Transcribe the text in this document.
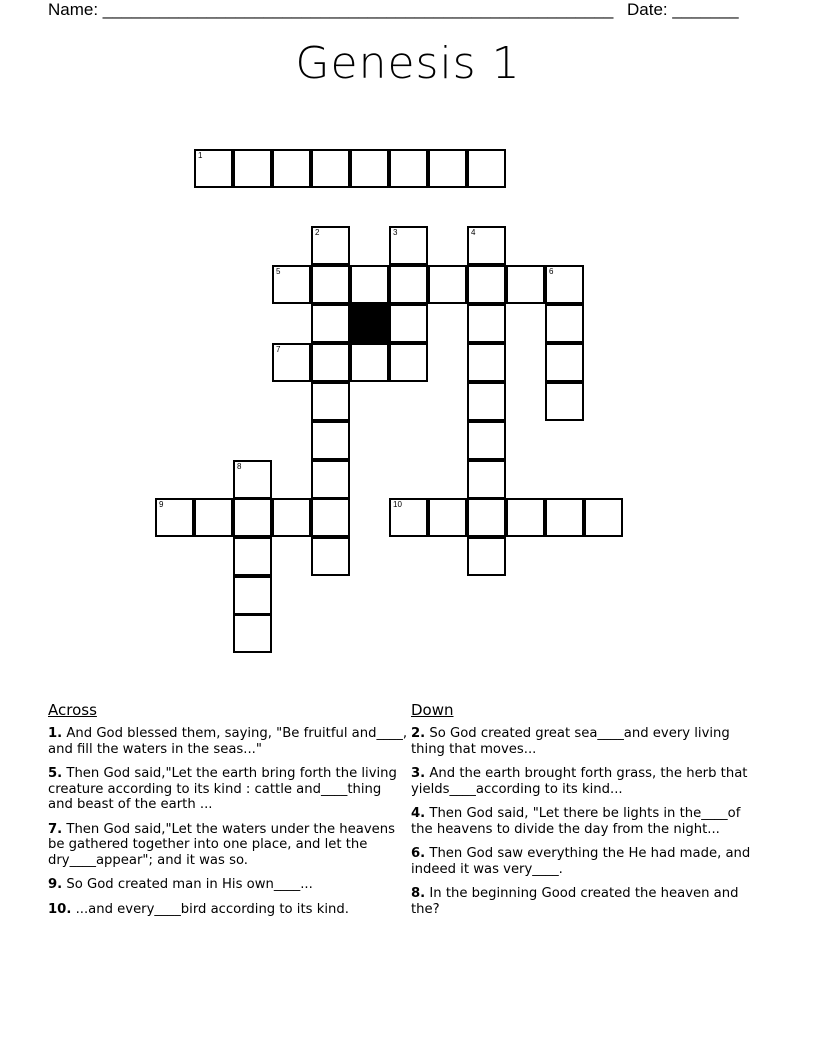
Name: ______________________________________________________ Date: _______
Genesis 1
1
2	3	4
5	6
7
8
9	10
Across
1. And God blessed them, saying, "Be fruitful and____, and fill the waters in the seas..."
5. Then God said,"Let the earth bring forth the living creature according to its kind : cattle and____thing and beast of the earth ...
7. Then God said,"Let the waters under the heavens be gathered together into one place, and let the dry____appear"; and it was so.
9. So God created man in His own____...
10. ...and every____bird according to its kind.
Down
2. So God created great sea____and every living thing that moves...
3. And the earth brought forth grass, the herb that yields____according to its kind...
4. Then God said, "Let there be lights in the____of the heavens to divide the day from the night...
6. Then God saw everything the He had made, and indeed it was very____.
8. In the beginning Good created the heaven and the?
